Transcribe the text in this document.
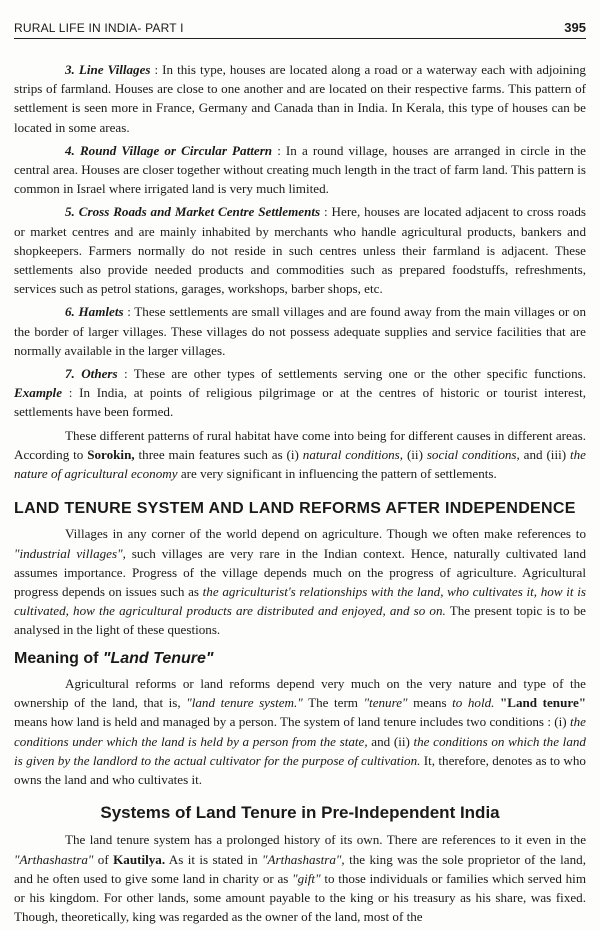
RURAL LIFE IN INDIA- PART I	395

3. Line Villages : In this type, houses are located along a road or a waterway each with adjoining strips of farmland. Houses are close to one another and are located on their respective farms. This pattern of settlement is seen more in France, Germany and Canada than in India. In Kerala, this type of houses can be located in some areas.

4. Round Village or Circular Pattern : In a round village, houses are arranged in circle in the central area. Houses are closer together without creating much length in the tract of farm land. This pattern is common in Israel where irrigated land is very much limited.

5. Cross Roads and Market Centre Settlements : Here, houses are located adjacent to cross roads or market centres and are mainly inhabited by merchants who handle agricultural products, bankers and shopkeepers. Farmers normally do not reside in such centres unless their farmland is adjacent. These settlements also provide needed products and commodities such as prepared foodstuffs, refreshments, services such as petrol stations, garages, workshops, barber shops, etc.

6. Hamlets : These settlements are small villages and are found away from the main villages or on the border of larger villages. These villages do not possess adequate supplies and service facilities that are normally available in the larger villages.

7. Others : These are other types of settlements serving one or the other specific functions. Example : In India, at points of religious pilgrimage or at the centres of historic or tourist interest, settlements have been formed.

These different patterns of rural habitat have come into being for different causes in different areas. According to Sorokin, three main features such as (i) natural conditions, (ii) social conditions, and (iii) the nature of agricultural economy are very significant in influencing the pattern of settlements.

LAND TENURE SYSTEM AND LAND REFORMS AFTER INDEPENDENCE

Villages in any corner of the world depend on agriculture. Though we often make references to "industrial villages", such villages are very rare in the Indian context. Hence, naturally cultivated land assumes importance. Progress of the village depends much on the progress of agriculture. Agricultural progress depends on issues such as the agriculturist's relationships with the land, who cultivates it, how it is cultivated, how the agricultural products are distributed and enjoyed, and so on. The present topic is to be analysed in the light of these questions.

Meaning of "Land Tenure"

Agricultural reforms or land reforms depend very much on the very nature and type of the ownership of the land, that is, "land tenure system." The term "tenure" means to hold. "Land tenure" means how land is held and managed by a person. The system of land tenure includes two conditions : (i) the conditions under which the land is held by a person from the state, and (ii) the conditions on which the land is given by the landlord to the actual cultivator for the purpose of cultivation. It, therefore, denotes as to who owns the land and who cultivates it.

Systems of Land Tenure in Pre-Independent India

The land tenure system has a prolonged history of its own. There are references to it even in the "Arthashastra" of Kautilya. As it is stated in "Arthashastra", the king was the sole proprietor of the land, and he often used to give some land in charity or as "gift" to those individuals or families which served him or his kingdom. For other lands, some amount payable to the king or his treasury as his share, was fixed. Though, theoretically, king was regarded as the owner of the land, most of the
